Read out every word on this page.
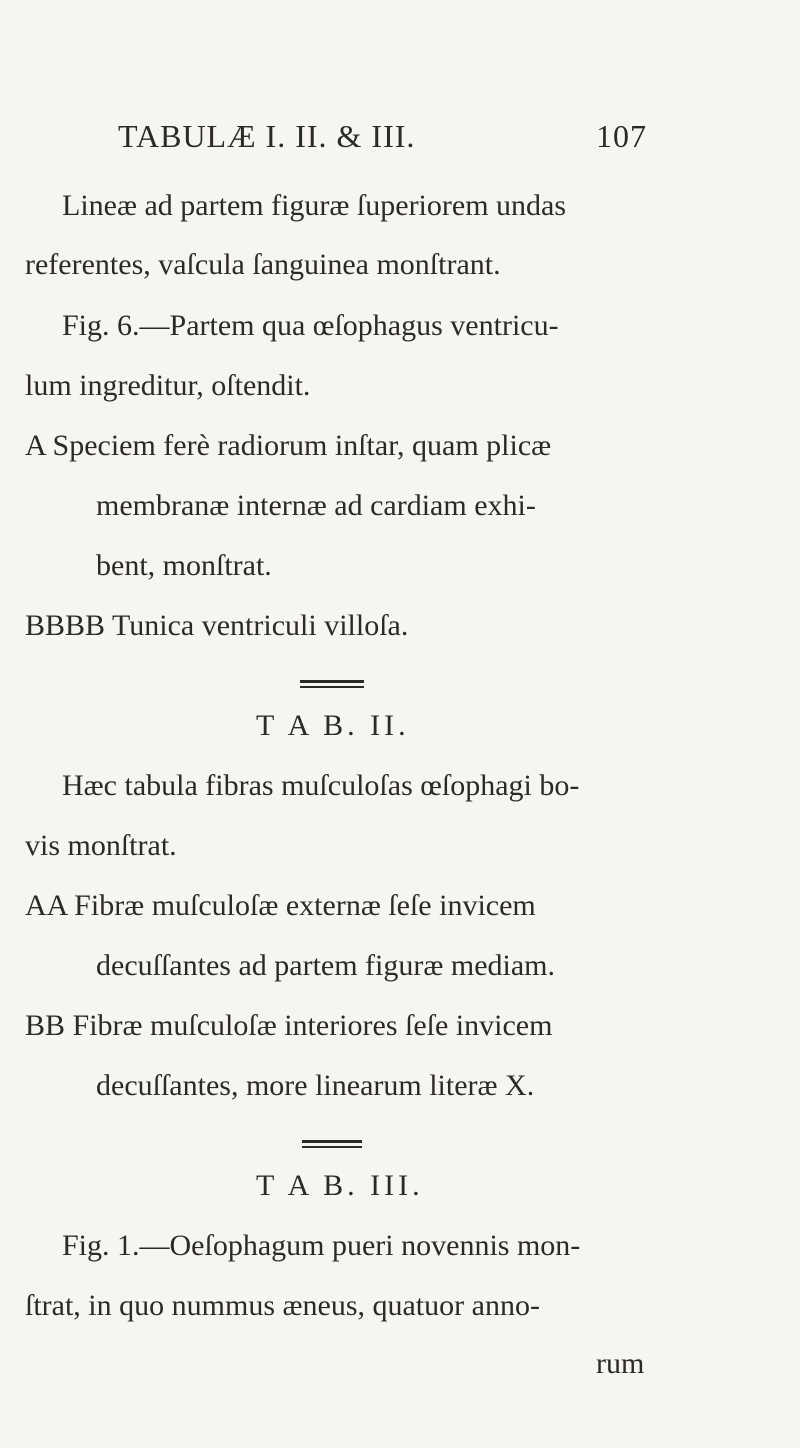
TABULÆ I. II. & III.	107
Lineæ ad partem figuræ ſuperiorem undas
referentes, vaſcula ſanguinea monſtrant.
Fig. 6.—Partem qua œſophagus ventricu-
lum ingreditur, oſtendit.
A Speciem ferè radiorum inſtar, quam plicæ
membranæ internæ ad cardiam exhi-
bent, monſtrat.
BBBB Tunica ventriculi villoſa.
T A B. II.
Hæc tabula fibras muſculoſas œſophagi bo-
vis monſtrat.
AA Fibræ muſculoſæ externæ ſeſe invicem
decuſſantes ad partem figuræ mediam.
BB Fibræ muſculoſæ interiores ſeſe invicem
decuſſantes, more linearum literæ X.
T A B. III.
Fig. 1.—Oeſophagum pueri novennis mon-
ſtrat, in quo nummus æneus, quatuor anno-
rum
